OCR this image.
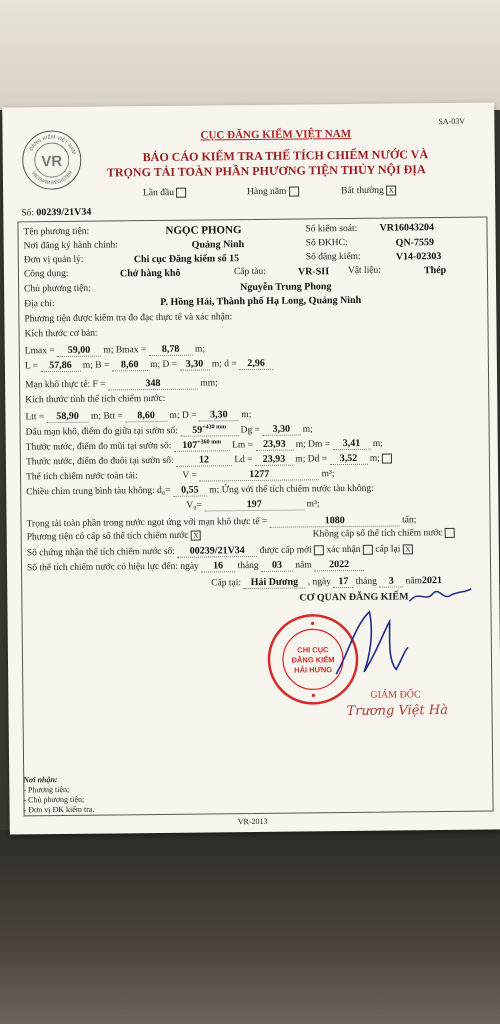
SA-03V
VR
ĐĂNG KIỂM VIỆT NAM
VIETNAM REGISTER
CỤC ĐĂNG KIỂM VIỆT NAM
BÁO CÁO KIỂM TRA THỂ TÍCH CHIẾM NƯỚC VÀ
TRỌNG TẢI TOÀN PHẦN PHƯƠNG TIỆN THỦY NỘI ĐỊA
Lần đầu	Hàng năm	Bất thường X
Số: 00239/21V34
Tên phương tiện:	NGỌC PHONG	Số kiểm soát: VR16043204
Nơi đăng ký hành chính:	Quảng Ninh	Số ĐKHC:	QN-7559
Đơn vị quản lý:	Chi cục Đăng kiểm số 15	Số đăng kiểm:	V14-02303
Công dụng:	Chở hàng khô	Cấp tàu:	VR-SII Vật liệu:	Thép
Chủ phương tiện:	Nguyễn Trung Phong
Địa chỉ:	P. Hồng Hải, Thành phố Hạ Long, Quảng Ninh
Phương tiện được kiểm tra đo đạc thực tế và xác nhận:
Kích thước cơ bản:
Lmax = 59,00 m; Bmax = 8,78 m;
L = 57,86 m; B = 8,60 m; D = 3,30 m; d = 2,96
Mạn khô thực tế: F =	348	mm;
Kích thước tính thể tích chiếm nước:
Ltt = 58,90 m; Btt = 8,60 m; D = 3,30 m;
Dấu mạn khô, điểm đo giữa tại sườn số: $59^{+430 mm}$ Dg = 3,30 m;
Thước nước, điểm đo mũi tại sườn số: $107^{+360 mm}$ Lm = 23,93 m; Dm = 3,41 m;
Thước nước, điểm đo đuôi tại sườn số:	12	Ld = 23,93 m; Dd = 3,52 m;
Thể tích chiếm nước toàn tải:	V =	1277	m³;
Chiều chìm trung bình tàu không: d₀= 0,55 m; Ứng với thể tích chiếm nước tàu không:
V₀=	197	m³;
Trọng tải toàn phần trong nước ngọt ứng với mạn khô thực tế =	1080	tấn;
Phương tiện có cấp sổ thể tích chiếm nước X	Không cấp sổ thể tích chiếm nước
Số chứng nhận thể tích chiếm nước số: 00239/21V34 được cấp mới xác nhận cấp lại X
Số thể tích chiếm nước có hiệu lực đến: ngày 16 tháng 03 năm 2022
Cấp tại: Hải Dương , ngày 17 tháng 3 năm2021
CƠ QUAN ĐĂNG KIỂM
CHI CỤC
ĐĂNG KIỂM
HẢI HƯNG
GIÁM ĐỐC
Trương Việt Hà
Nơi nhận:
- Phương tiện;
- Chủ phương tiện;
- Đơn vị ĐK kiểm tra.
VR-2013
